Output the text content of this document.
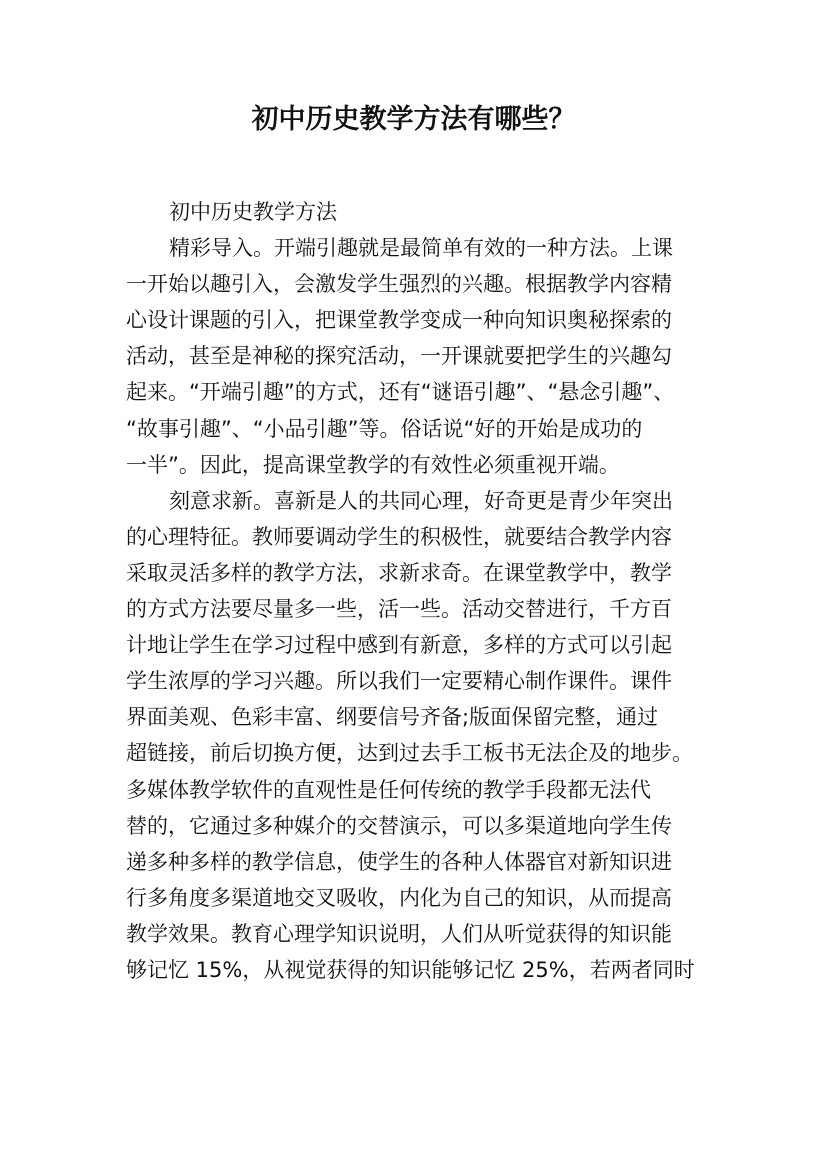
初中历史教学方法有哪些？
初中历史教学方法
精彩导入。开端引趣就是最简单有效的一种方法。上课
一开始以趣引入，会激发学生强烈的兴趣。根据教学内容精
心设计课题的引入，把课堂教学变成一种向知识奥秘探索的
活动，甚至是神秘的探究活动，一开课就要把学生的兴趣勾
起来。“开端引趣”的方式，还有“谜语引趣”、“悬念引趣”、
“故事引趣”、“小品引趣”等。俗话说“好的开始是成功的
一半”。因此，提高课堂教学的有效性必须重视开端。
刻意求新。喜新是人的共同心理，好奇更是青少年突出
的心理特征。教师要调动学生的积极性，就要结合教学内容
采取灵活多样的教学方法，求新求奇。在课堂教学中，教学
的方式方法要尽量多一些，活一些。活动交替进行，千方百
计地让学生在学习过程中感到有新意，多样的方式可以引起
学生浓厚的学习兴趣。所以我们一定要精心制作课件。课件
界面美观、色彩丰富、纲要信号齐备;版面保留完整，通过
超链接，前后切换方便，达到过去手工板书无法企及的地步。
多媒体教学软件的直观性是任何传统的教学手段都无法代
替的，它通过多种媒介的交替演示，可以多渠道地向学生传
递多种多样的教学信息，使学生的各种人体器官对新知识进
行多角度多渠道地交叉吸收，内化为自己的知识，从而提高
教学效果。教育心理学知识说明，人们从听觉获得的知识能
够记忆 15%，从视觉获得的知识能够记忆 25%，若两者同时
